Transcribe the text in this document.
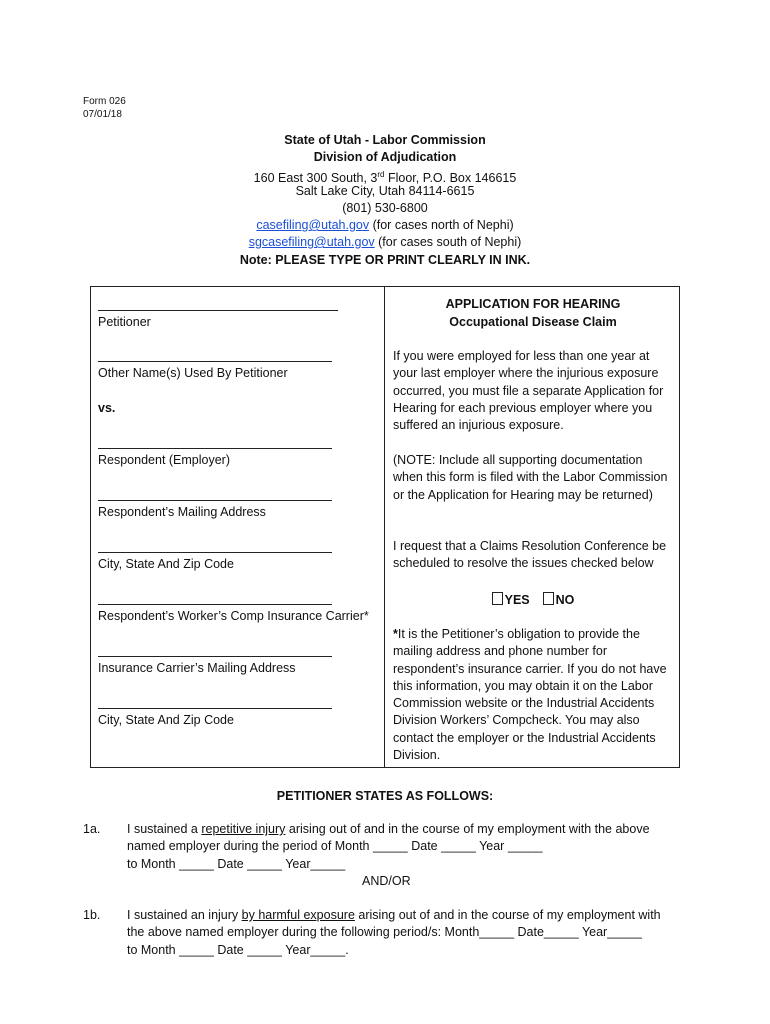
Form 026
07/01/18
State of Utah - Labor Commission
Division of Adjudication
160 East 300 South, 3rd Floor, P.O. Box 146615
Salt Lake City, Utah 84114-6615
(801) 530-6800
casefiling@utah.gov (for cases north of Nephi)
sgcasefiling@utah.gov (for cases south of Nephi)
Note: PLEASE TYPE OR PRINT CLEARLY IN INK.
Petitioner
Other Name(s) Used By Petitioner
vs.
Respondent (Employer)
Respondent’s Mailing Address
City, State And Zip Code
Respondent’s Worker’s Comp Insurance Carrier*
Insurance Carrier’s Mailing Address
City, State And Zip Code
APPLICATION FOR HEARING
Occupational Disease Claim
If you were employed for less than one year at your last employer where the injurious exposure occurred, you must file a separate Application for Hearing for each previous employer where you suffered an injurious exposure.
(NOTE: Include all supporting documentation when this form is filed with the Labor Commission or the Application for Hearing may be returned)
I request that a Claims Resolution Conference be scheduled to resolve the issues checked below
YES NO
*It is the Petitioner’s obligation to provide the mailing address and phone number for respondent’s insurance carrier. If you do not have this information, you may obtain it on the Labor Commission website or the Industrial Accidents Division Workers’ Compcheck. You may also contact the employer or the Industrial Accidents Division.
PETITIONER STATES AS FOLLOWS:
1a. I sustained a repetitive injury arising out of and in the course of my employment with the above
named employer during the period of Month _____ Date _____ Year _____
to Month _____ Date _____ Year_____
AND/OR
1b. I sustained an injury by harmful exposure arising out of and in the course of my employment with
the above named employer during the following period/s: Month_____ Date_____ Year_____
to Month _____ Date _____ Year_____.
